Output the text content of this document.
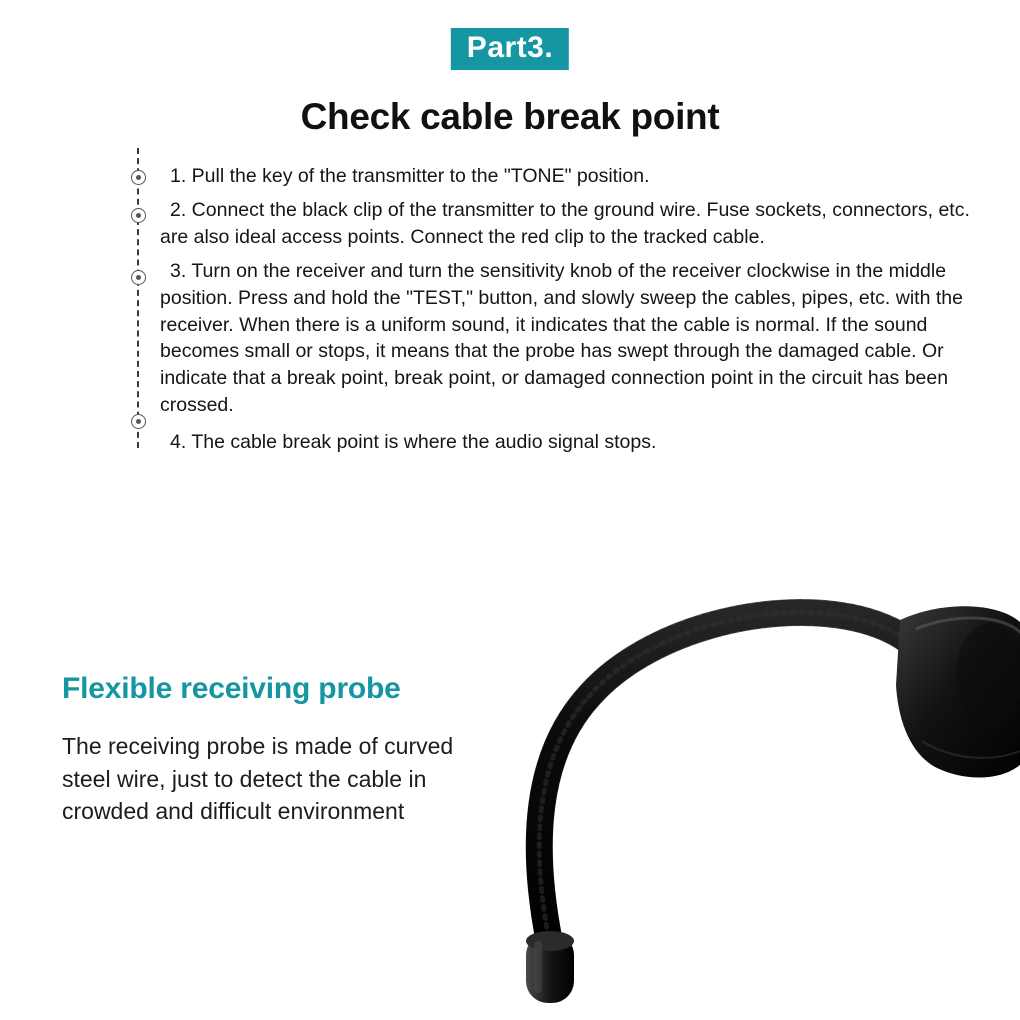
Part3.
Check cable break point

1. Pull the key of the transmitter to the "TONE" position.

2. Connect the black clip of the transmitter to the ground wire. Fuse sockets, connectors, etc. are also ideal access points. Connect the red clip to the tracked cable.

3. Turn on the receiver and turn the sensitivity knob of the receiver clockwise in the middle position. Press and hold the "TEST," button, and slowly sweep the cables, pipes, etc. with the receiver. When there is a uniform sound, it indicates that the cable is normal. If the sound becomes small or stops, it means that the probe has swept through the damaged cable. Or indicate that a break point, break point, or damaged connection point in the circuit has been crossed.

4. The cable break point is where the audio signal stops.

Flexible receiving probe
The receiving probe is made of curved steel wire, just to detect the cable in crowded and difficult environment
